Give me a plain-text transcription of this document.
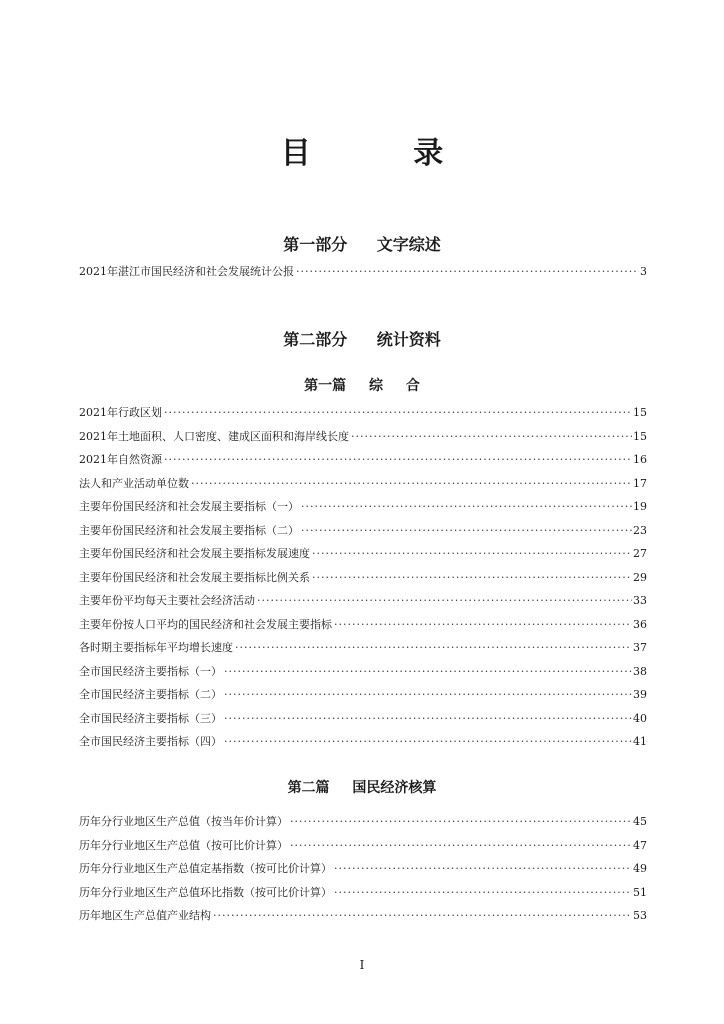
目 录
第一部分 文字综述
2021年湛江市国民经济和社会发展统计公报 ·····	3
第二部分 统计资料
第一篇 综 合
2021年行政区划 ·····	15
2021年土地面积、人口密度、建成区面积和海岸线长度 ·····	15
2021年自然资源 ·····	16
法人和产业活动单位数 ·····	17
主要年份国民经济和社会发展主要指标（一） ·····	19
主要年份国民经济和社会发展主要指标（二） ·····	23
主要年份国民经济和社会发展主要指标发展速度 ·····	27
主要年份国民经济和社会发展主要指标比例关系 ·····	29
主要年份平均每天主要社会经济活动 ·····	33
主要年份按人口平均的国民经济和社会发展主要指标 ·····	36
各时期主要指标年平均增长速度 ·····	37
全市国民经济主要指标（一） ·····	38
全市国民经济主要指标（二） ·····	39
全市国民经济主要指标（三） ·····	40
全市国民经济主要指标（四） ·····	41
第二篇 国民经济核算
历年分行业地区生产总值（按当年价计算） ·····	45
历年分行业地区生产总值（按可比价计算） ·····	47
历年分行业地区生产总值定基指数（按可比价计算） ·····	49
历年分行业地区生产总值环比指数（按可比价计算） ·····	51
历年地区生产总值产业结构 ·····	53
I
